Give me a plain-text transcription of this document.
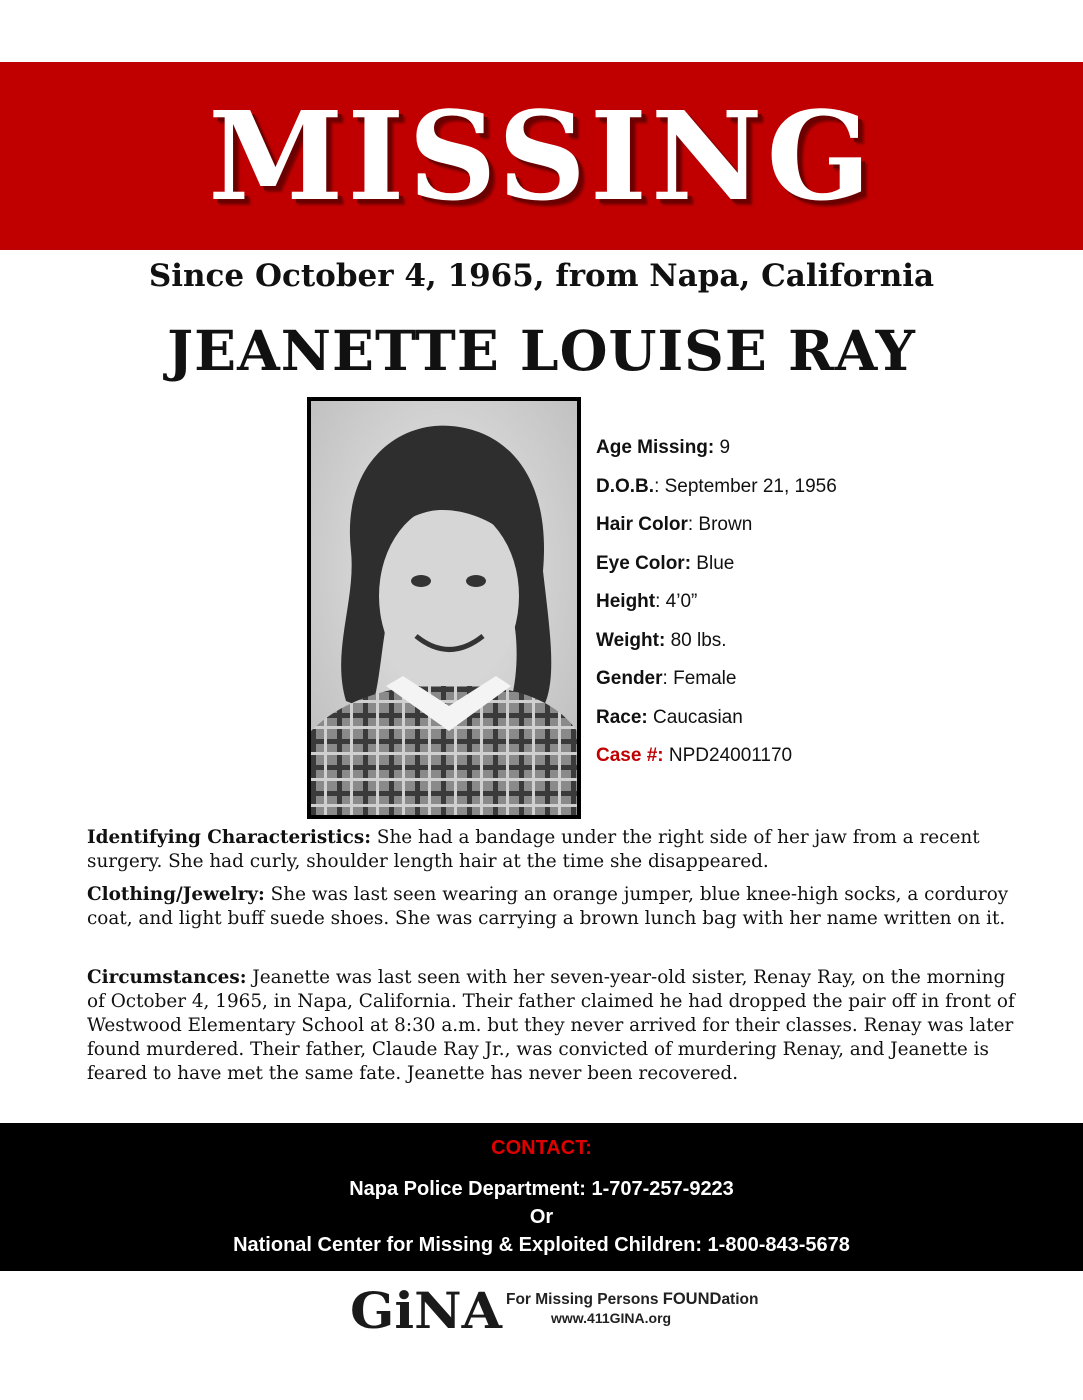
MISSING
Since October 4, 1965, from Napa, California
JEANETTE LOUISE RAY
Age Missing: 9
D.O.B.: September 21, 1956
Hair Color: Brown
Eye Color: Blue
Height: 4’0”
Weight: 80 lbs.
Gender: Female
Race: Caucasian
Case #: NPD24001170
Identifying Characteristics: She had a bandage under the right side of her jaw from a recent surgery. She had curly, shoulder length hair at the time she disappeared.
Clothing/Jewelry: She was last seen wearing an orange jumper, blue knee-high socks, a corduroy coat, and light buff suede shoes. She was carrying a brown lunch bag with her name written on it.
Circumstances: Jeanette was last seen with her seven-year-old sister, Renay Ray, on the morning of October 4, 1965, in Napa, California. Their father claimed he had dropped the pair off in front of Westwood Elementary School at 8:30 a.m. but they never arrived for their classes. Renay was later found murdered. Their father, Claude Ray Jr., was convicted of murdering Renay, and Jeanette is feared to have met the same fate. Jeanette has never been recovered.
CONTACT:
Napa Police Department: 1-707-257-9223
Or
National Center for Missing & Exploited Children: 1-800-843-5678
GiNA For Missing Persons FOUNDation
www.411GINA.org
